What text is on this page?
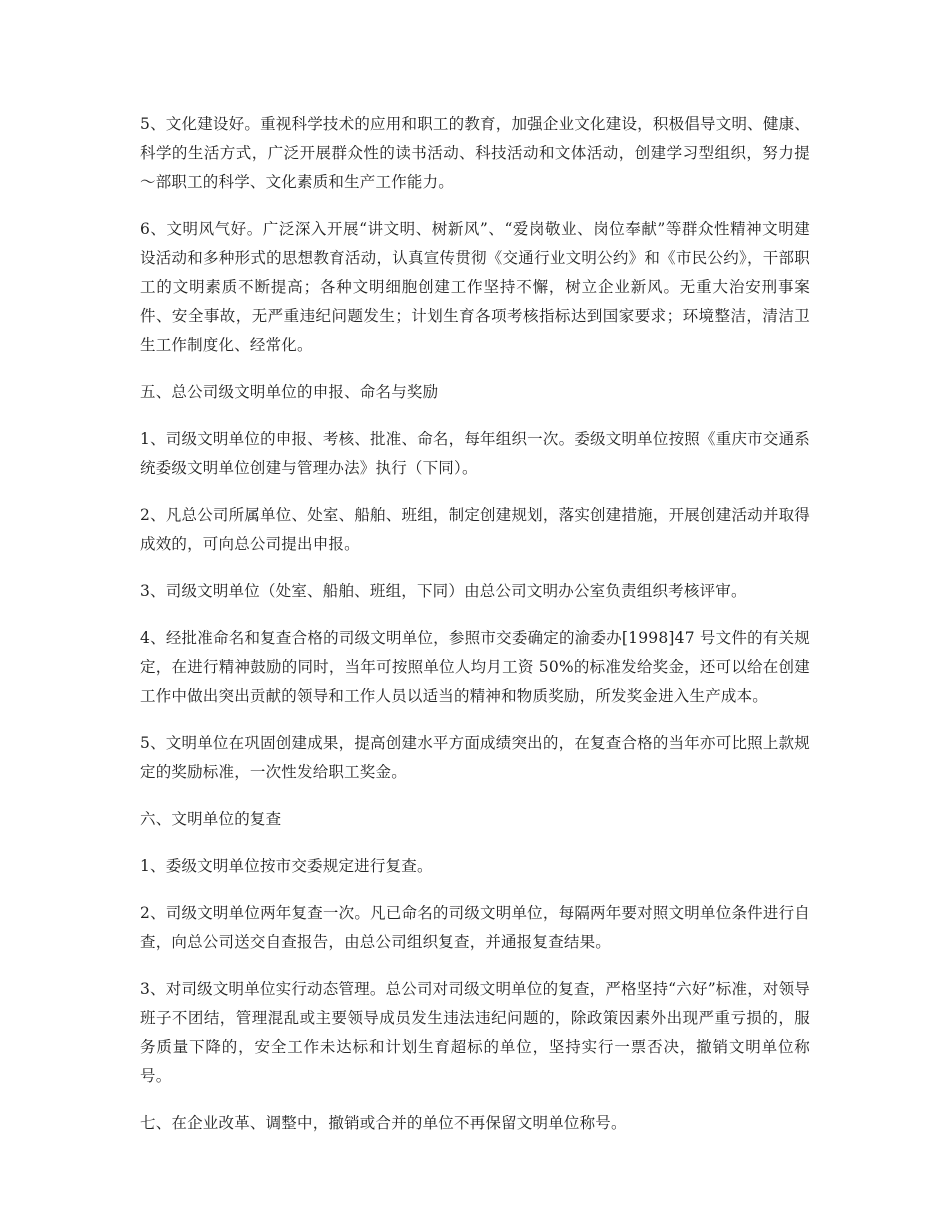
5、文化建设好。重视科学技术的应用和职工的教育，加强企业文化建设，积极倡导文明、健康、科学的生活方式，广泛开展群众性的读书活动、科技活动和文体活动，创建学习型组织，努力提～部职工的科学、文化素质和生产工作能力。

6、文明风气好。广泛深入开展“讲文明、树新风”、“爱岗敬业、岗位奉献”等群众性精神文明建设活动和多种形式的思想教育活动，认真宣传贯彻《交通行业文明公约》和《市民公约》，干部职工的文明素质不断提高；各种文明细胞创建工作坚持不懈，树立企业新风。无重大治安刑事案件、安全事故，无严重违纪问题发生；计划生育各项考核指标达到国家要求；环境整洁，清洁卫生工作制度化、经常化。

五、总公司级文明单位的申报、命名与奖励

1、司级文明单位的申报、考核、批准、命名，每年组织一次。委级文明单位按照《重庆市交通系统委级文明单位创建与管理办法》执行（下同）。

2、凡总公司所属单位、处室、船舶、班组，制定创建规划，落实创建措施，开展创建活动并取得成效的，可向总公司提出申报。

3、司级文明单位（处室、船舶、班组，下同）由总公司文明办公室负责组织考核评审。

4、经批准命名和复查合格的司级文明单位，参照市交委确定的渝委办[1998]47 号文件的有关规定，在进行精神鼓励的同时，当年可按照单位人均月工资 50%的标准发给奖金，还可以给在创建工作中做出突出贡献的领导和工作人员以适当的精神和物质奖励，所发奖金进入生产成本。

5、文明单位在巩固创建成果，提高创建水平方面成绩突出的，在复查合格的当年亦可比照上款规定的奖励标准，一次性发给职工奖金。

六、文明单位的复查

1、委级文明单位按市交委规定进行复查。

2、司级文明单位两年复查一次。凡已命名的司级文明单位，每隔两年要对照文明单位条件进行自查，向总公司送交自查报告，由总公司组织复查，并通报复查结果。

3、对司级文明单位实行动态管理。总公司对司级文明单位的复查，严格坚持“六好”标准，对领导班子不团结，管理混乱或主要领导成员发生违法违纪问题的，除政策因素外出现严重亏损的，服务质量下降的，安全工作未达标和计划生育超标的单位，坚持实行一票否决，撤销文明单位称号。

七、在企业改革、调整中，撤销或合并的单位不再保留文明单位称号。
